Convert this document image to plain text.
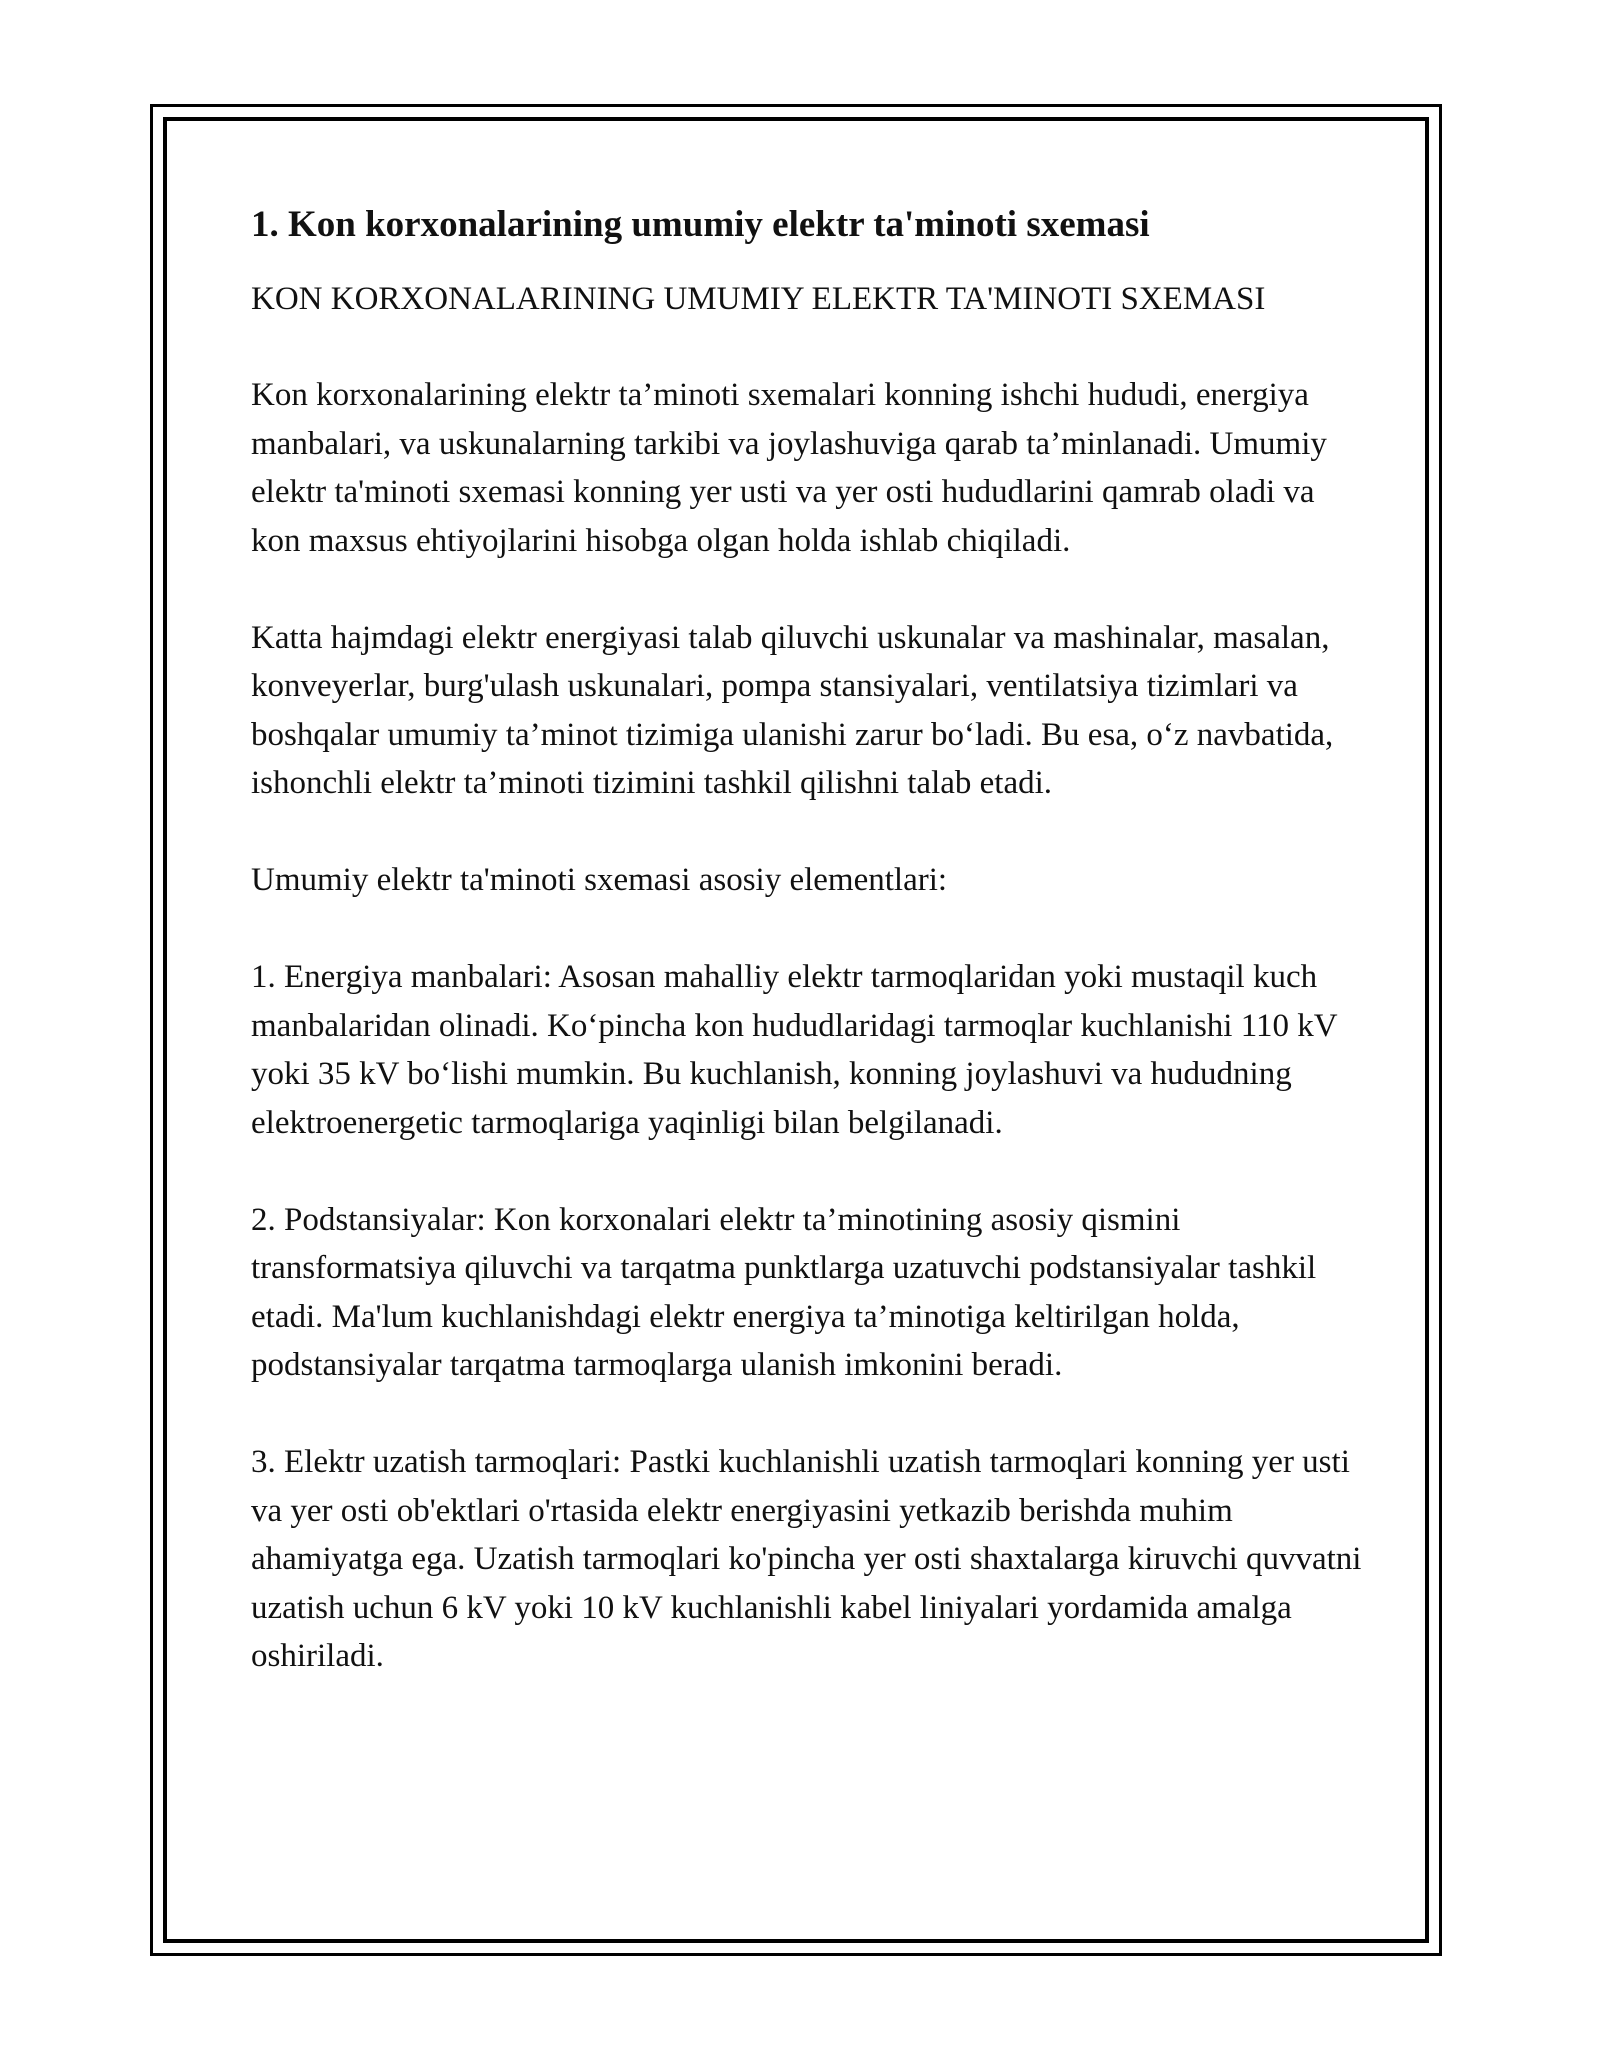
1. Kon korxonalarining umumiy elektr ta'minoti sxemasi

KON KORXONALARINING UMUMIY ELEKTR TA'MINOTI SXEMASI

Kon korxonalarining elektr ta’minoti sxemalari konning ishchi hududi, energiya manbalari, va uskunalarning tarkibi va joylashuviga qarab ta’minlanadi. Umumiy elektr ta'minoti sxemasi konning yer usti va yer osti hududlarini qamrab oladi va kon maxsus ehtiyojlarini hisobga olgan holda ishlab chiqiladi.

Katta hajmdagi elektr energiyasi talab qiluvchi uskunalar va mashinalar, masalan, konveyerlar, burg'ulash uskunalari, pompa stansiyalari, ventilatsiya tizimlari va boshqalar umumiy ta’minot tizimiga ulanishi zarur bo‘ladi. Bu esa, o‘z navbatida, ishonchli elektr ta’minoti tizimini tashkil qilishni talab etadi.

Umumiy elektr ta'minoti sxemasi asosiy elementlari:

1. Energiya manbalari: Asosan mahalliy elektr tarmoqlaridan yoki mustaqil kuch manbalaridan olinadi. Ko‘pincha kon hududlaridagi tarmoqlar kuchlanishi 110 kV yoki 35 kV bo‘lishi mumkin. Bu kuchlanish, konning joylashuvi va hududning elektroenergetic tarmoqlariga yaqinligi bilan belgilanadi.

2. Podstansiyalar: Kon korxonalari elektr ta’minotining asosiy qismini transformatsiya qiluvchi va tarqatma punktlarga uzatuvchi podstansiyalar tashkil etadi. Ma'lum kuchlanishdagi elektr energiya ta’minotiga keltirilgan holda, podstansiyalar tarqatma tarmoqlarga ulanish imkonini beradi.

3. Elektr uzatish tarmoqlari: Pastki kuchlanishli uzatish tarmoqlari konning yer usti va yer osti ob'ektlari o'rtasida elektr energiyasini yetkazib berishda muhim ahamiyatga ega. Uzatish tarmoqlari ko'pincha yer osti shaxtalarga kiruvchi quvvatni uzatish uchun 6 kV yoki 10 kV kuchlanishli kabel liniyalari yordamida amalga oshiriladi.
